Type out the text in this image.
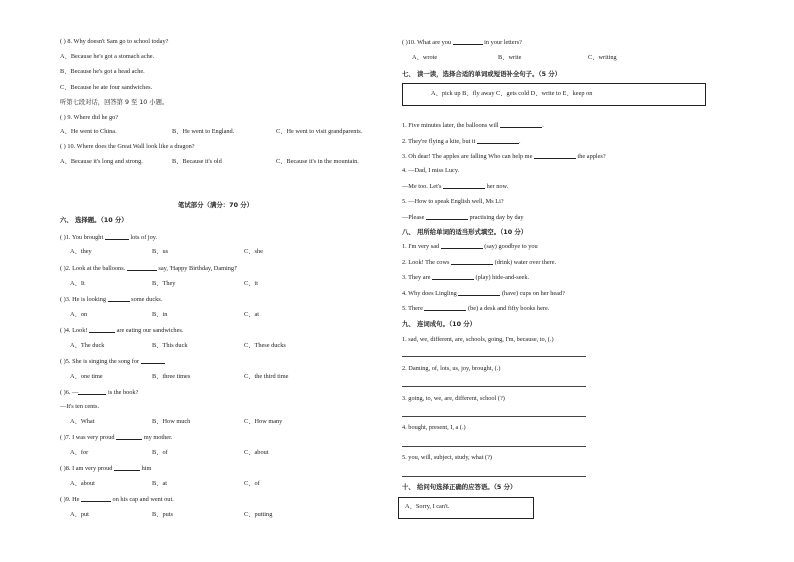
( ) 8. Why doesn't Sam go to school today?
A、Because he's got a stomach ache.
B、Because he's got a head ache.
C、Because he ate four sandwiches.
听第七段对话，回答第 9 至 10 小题。
( ) 9. Where did he go?
A、He went to China.	B、He went to England.	C、He went to visit grandparents.
( ) 10. Where does the Great Wall look like a dragon?
A、Because it's long and strong.	B、Because it's old	C、Because it's in the mountain.
笔试部分（满分：70 分）
六、 选择题。（10 分）
( )1. You brought	lots of joy.
A、they	B、us	C、she
( )2. Look at the balloons.	say, 'Happy Birthday, Daming!'
A、It	B、They	C、it
( )3. He is looking	some ducks.
A、on	B、in	C、at
( )4. Look!	are eating our sandwiches.
A、The duck	B、This duck	C、These ducks
( )5. She is singing the song for
A、one time	B、three times	C、the third time
( )6. —	is the book?
—It's ten cents.
A、What	B、How much	C、How many
( )7. I was very proud	my mother.
A、for	B、of	C、about
( )8. I am very proud	him
A、about	B、at	C、of
( )9. He	on his cap and went out.
A、put	B、puts	C、putting
( )10. What are you	in your letters?
A、wrote	B、write	C、writing
七、 读一读，选择合适的单词或短语补全句子。（5 分）
A、pick up B、fly away C、gets cold D、write to E、keep on
1. Five minutes later, the balloons will	.
2. They're flying a kite, but it	.
3. Oh dear! The apples are falling Who can help me	the apples?
4. —Dad, I miss Lucy.
—Me too. Let's	her now.
5. —How to speak English well, Ms Li?
—Please	practising day by day
八、 用所给单词的适当形式填空。（10 分）
1. I'm very sad	(say) goodbye to you
2. Look! The cows	(drink) water over there.
3. They are	(play) hide-and-seek.
4. Why does Lingling	(have) cups on her head?
5. There	(be) a desk and fifty books here.
九、 连词成句。（10 分）
1. sad, we, different, are, schools, going, I'm, because, to, (.)
2. Daming, of, lots, us, joy, brought, (.)
3. going, to, we, are, different, school (?)
4. bought, present, I, a (.)
5. you, will, subject, study, what (?)
十、 给问句选择正确的应答语。（5 分）
A、Sorry, I can't.
